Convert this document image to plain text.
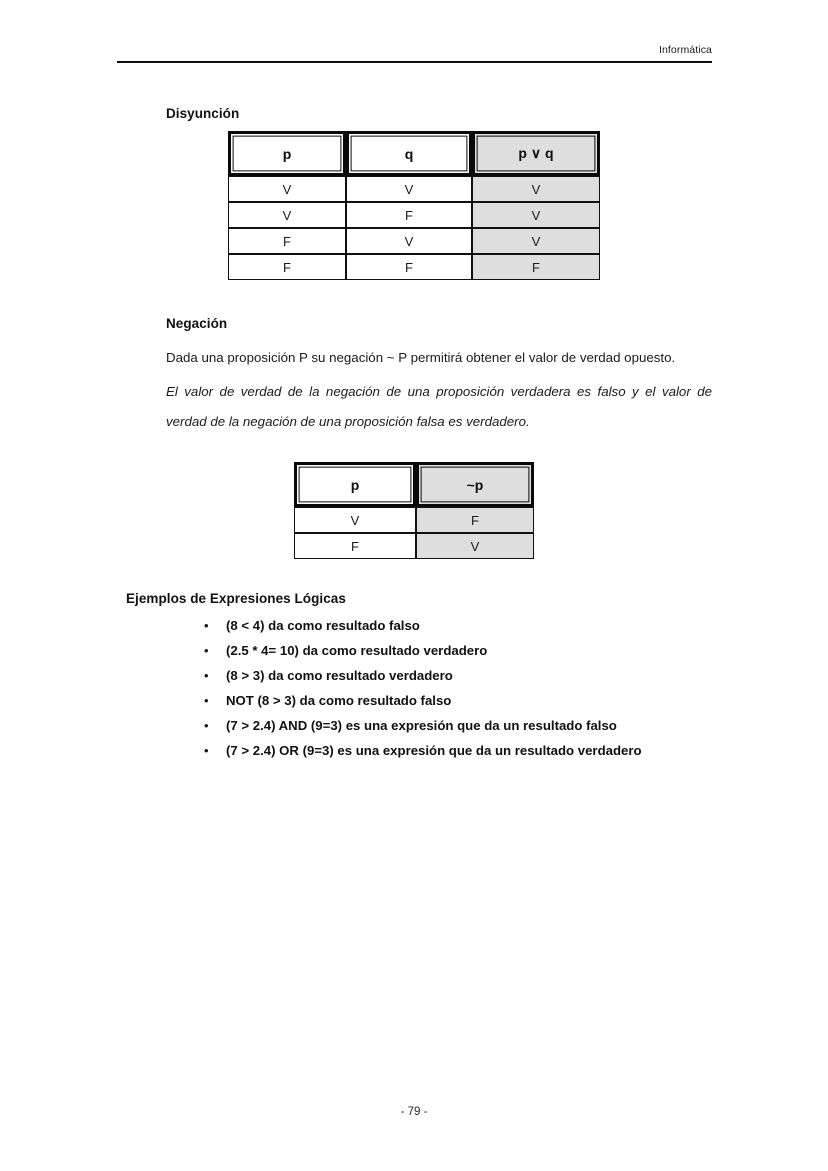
Informática
Disyunción
p	q	p ∨ q
V	V	V
V	F	V
F	V	V
F	F	F
Negación
Dada una proposición P su negación ~ P permitirá obtener el valor de verdad opuesto.
El valor de verdad de la negación de una proposición verdadera es falso y el valor de verdad de la negación de una proposición falsa es verdadero.
p	~p
V	F
F	V
Ejemplos de Expresiones Lógicas
•	(8 < 4) da como resultado falso
•	(2.5 * 4= 10) da como resultado verdadero
•	(8 > 3) da como resultado verdadero
•	NOT (8 > 3) da como resultado falso
•	(7 > 2.4) AND (9=3) es una expresión que da un resultado falso
•	(7 > 2.4) OR (9=3) es una expresión que da un resultado verdadero
- 79 -
